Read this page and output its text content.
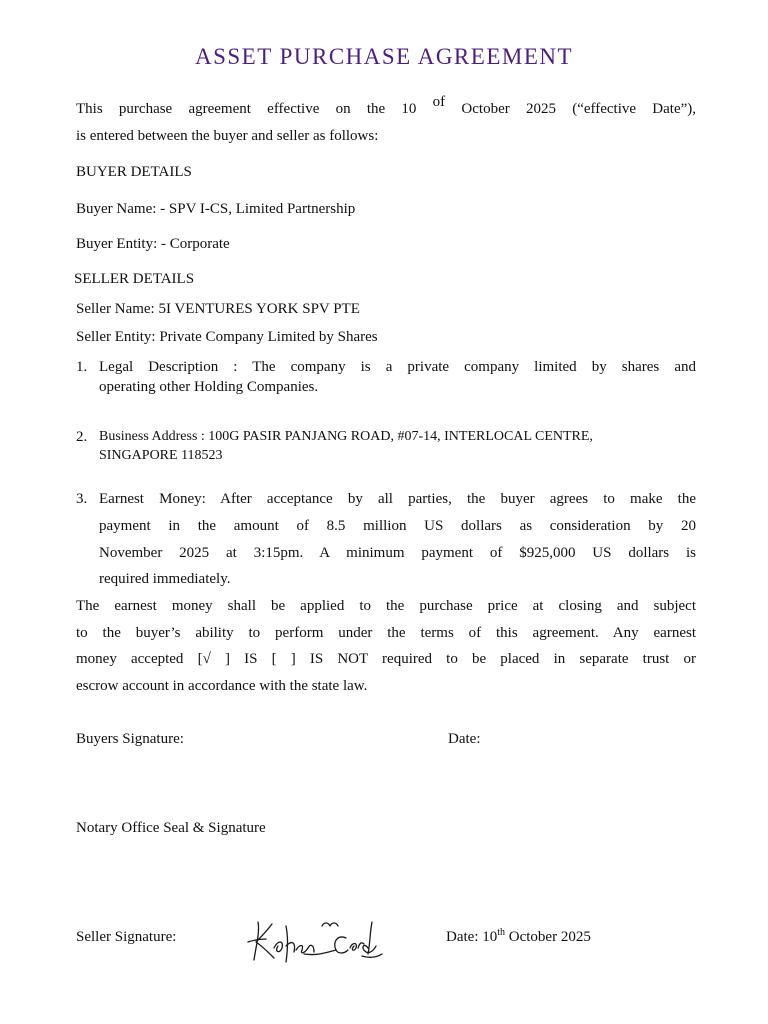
ASSET PURCHASE AGREEMENT
This purchase agreement effective on the 10 of October 2025 (“effective Date”),
is entered between the buyer and seller as follows:
BUYER DETAILS
Buyer Name: - SPV I-CS, Limited Partnership
Buyer Entity: - Corporate
SELLER DETAILS
Seller Name: 5I VENTURES YORK SPV PTE
Seller Entity: Private Company Limited by Shares
1. Legal Description : The company is a private company limited by shares and
operating other Holding Companies.
2. Business Address : 100G PASIR PANJANG ROAD, #07-14, INTERLOCAL CENTRE,
SINGAPORE 118523
3. Earnest Money: After acceptance by all parties, the buyer agrees to make the
payment in the amount of 8.5 million US dollars as consideration by 20
November 2025 at 3:15pm. A minimum payment of $925,000 US dollars is
required immediately.
The earnest money shall be applied to the purchase price at closing and subject
to the buyer’s ability to perform under the terms of this agreement. Any earnest
money accepted [√ ] IS [ ] IS NOT required to be placed in separate trust or
escrow account in accordance with the state law.
Buyers Signature:	Date:
Notary Office Seal & Signature
Seller Signature:	Date: 10th October 2025
